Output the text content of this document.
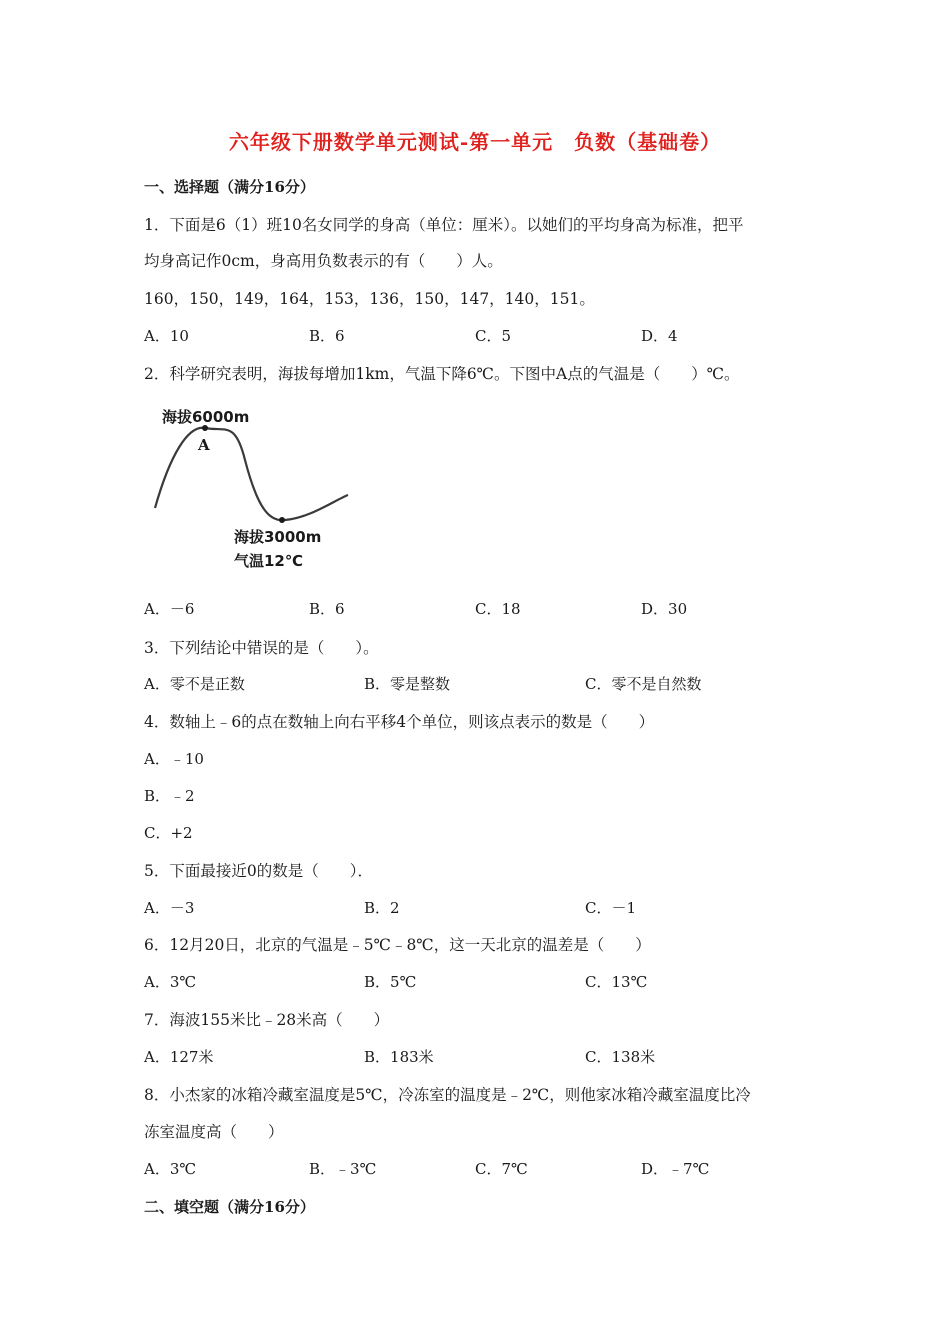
六年级下册数学单元测试-第一单元　负数（基础卷）
一、选择题（满分16分）
1．下面是6（1）班10名女同学的身高（单位：厘米）。以她们的平均身高为标准，把平
均身高记作0cm，身高用负数表示的有（　　）人。
160，150，149，164，153，136，150，147，140，151。
A．10	B．6	C．5	D．4
2．科学研究表明，海拔每增加1km，气温下降6℃。下图中A点的气温是（　　）℃。
海拔6000m
A
海拔3000m
气温12℃
A．－6	B．6	C．18	D．30
3．下列结论中错误的是（　　）。
A．零不是正数	B．零是整数	C．零不是自然数
4．数轴上﹣6的点在数轴上向右平移4个单位，则该点表示的数是（　　）
A．﹣10
B．﹣2
C．+2
5．下面最接近0的数是（　　）．
A．－3	B．2	C．－1
6．12月20日，北京的气温是﹣5℃﹣8℃，这一天北京的温差是（　　）
A．3℃	B．5℃	C．13℃
7．海波155米比﹣28米高（　　）
A．127米	B．183米	C．138米
8．小杰家的冰箱冷藏室温度是5℃，冷冻室的温度是﹣2℃，则他家冰箱冷藏室温度比冷
冻室温度高（　　）
A．3℃	B．﹣3℃	C．7℃	D．﹣7℃
二、填空题（满分16分）
